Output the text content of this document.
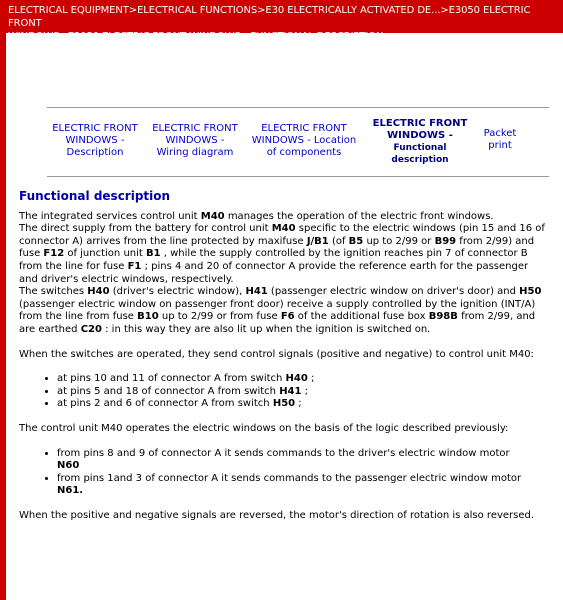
ELECTRICAL EQUIPMENT>ELECTRICAL FUNCTIONS>E30 ELECTRICALLY ACTIVATED DE...>E3050 ELECTRIC FRONT
WINDOWS>E3050 ELECTRIC FRONT WINDOWS - FUNCTIONAL DESCRIPTION
ELECTRIC FRONT
WINDOWS -
Description
ELECTRIC FRONT
WINDOWS -
Wiring diagram
ELECTRIC FRONT
WINDOWS - Location
of components
ELECTRIC FRONT
WINDOWS -
Functional
description
Packet
print
Functional description

The integrated services control unit M40 manages the operation of the electric front windows.
The direct supply from the battery for control unit M40 specific to the electric windows (pin 15 and 16 of connector A) arrives from the line protected by maxifuse J/B1 (of B5 up to 2/99 or B99 from 2/99) and fuse F12 of junction unit B1 , while the supply controlled by the ignition reaches pin 7 of connector B from the line for fuse F1 ; pins 4 and 20 of connector A provide the reference earth for the passenger and driver's electric windows, respectively.

The switches H40 (driver's electric window), H41 (passenger electric window on driver's door) and H50 (passenger electric window on passenger front door) receive a supply controlled by the ignition (INT/A) from the line from fuse B10 up to 2/99 or from fuse F6 of the additional fuse box B98B from 2/99, and are earthed C20 : in this way they are also lit up when the ignition is switched on.

When the switches are operated, they send control signals (positive and negative) to control unit M40:

• at pins 10 and 11 of connector A from switch H40 ;
• at pins 5 and 18 of connector A from switch H41 ;
• at pins 2 and 6 of connector A from switch H50 ;

The control unit M40 operates the electric windows on the basis of the logic described previously:

• from pins 8 and 9 of connector A it sends commands to the driver's electric window motor
N60
• from pins 1and 3 of connector A it sends commands to the passenger electric window motor N61.

When the positive and negative signals are reversed, the motor's direction of rotation is also reversed.
